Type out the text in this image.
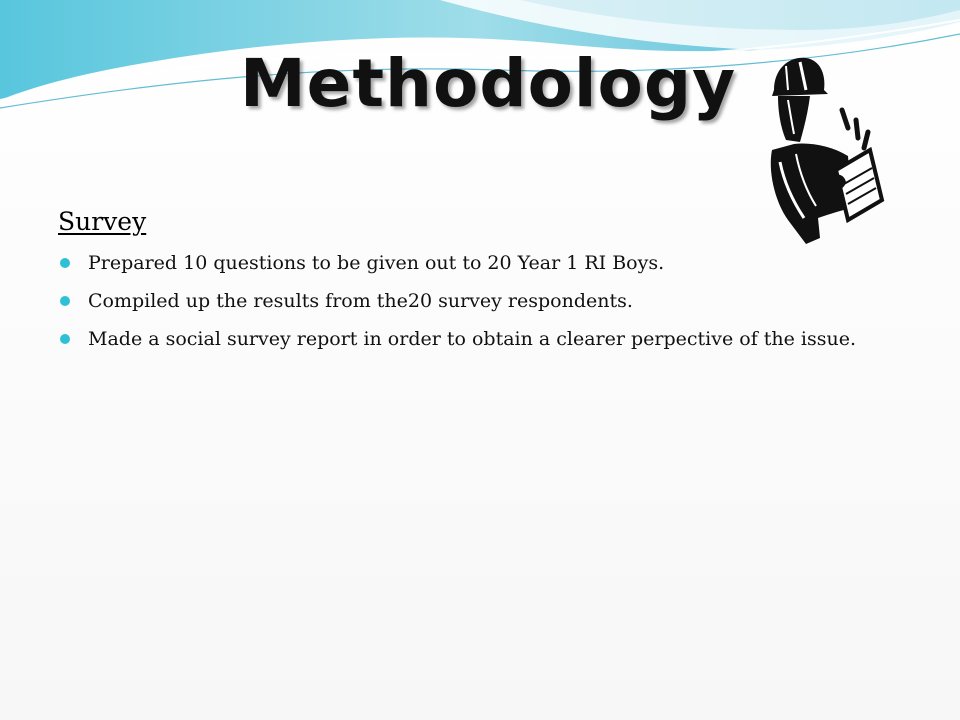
Methodology
Survey
Prepared 10 questions to be given out to 20 Year 1 RI Boys.
Compiled up the results from the20 survey respondents.
Made a social survey report in order to obtain a clearer perpective of the issue.
